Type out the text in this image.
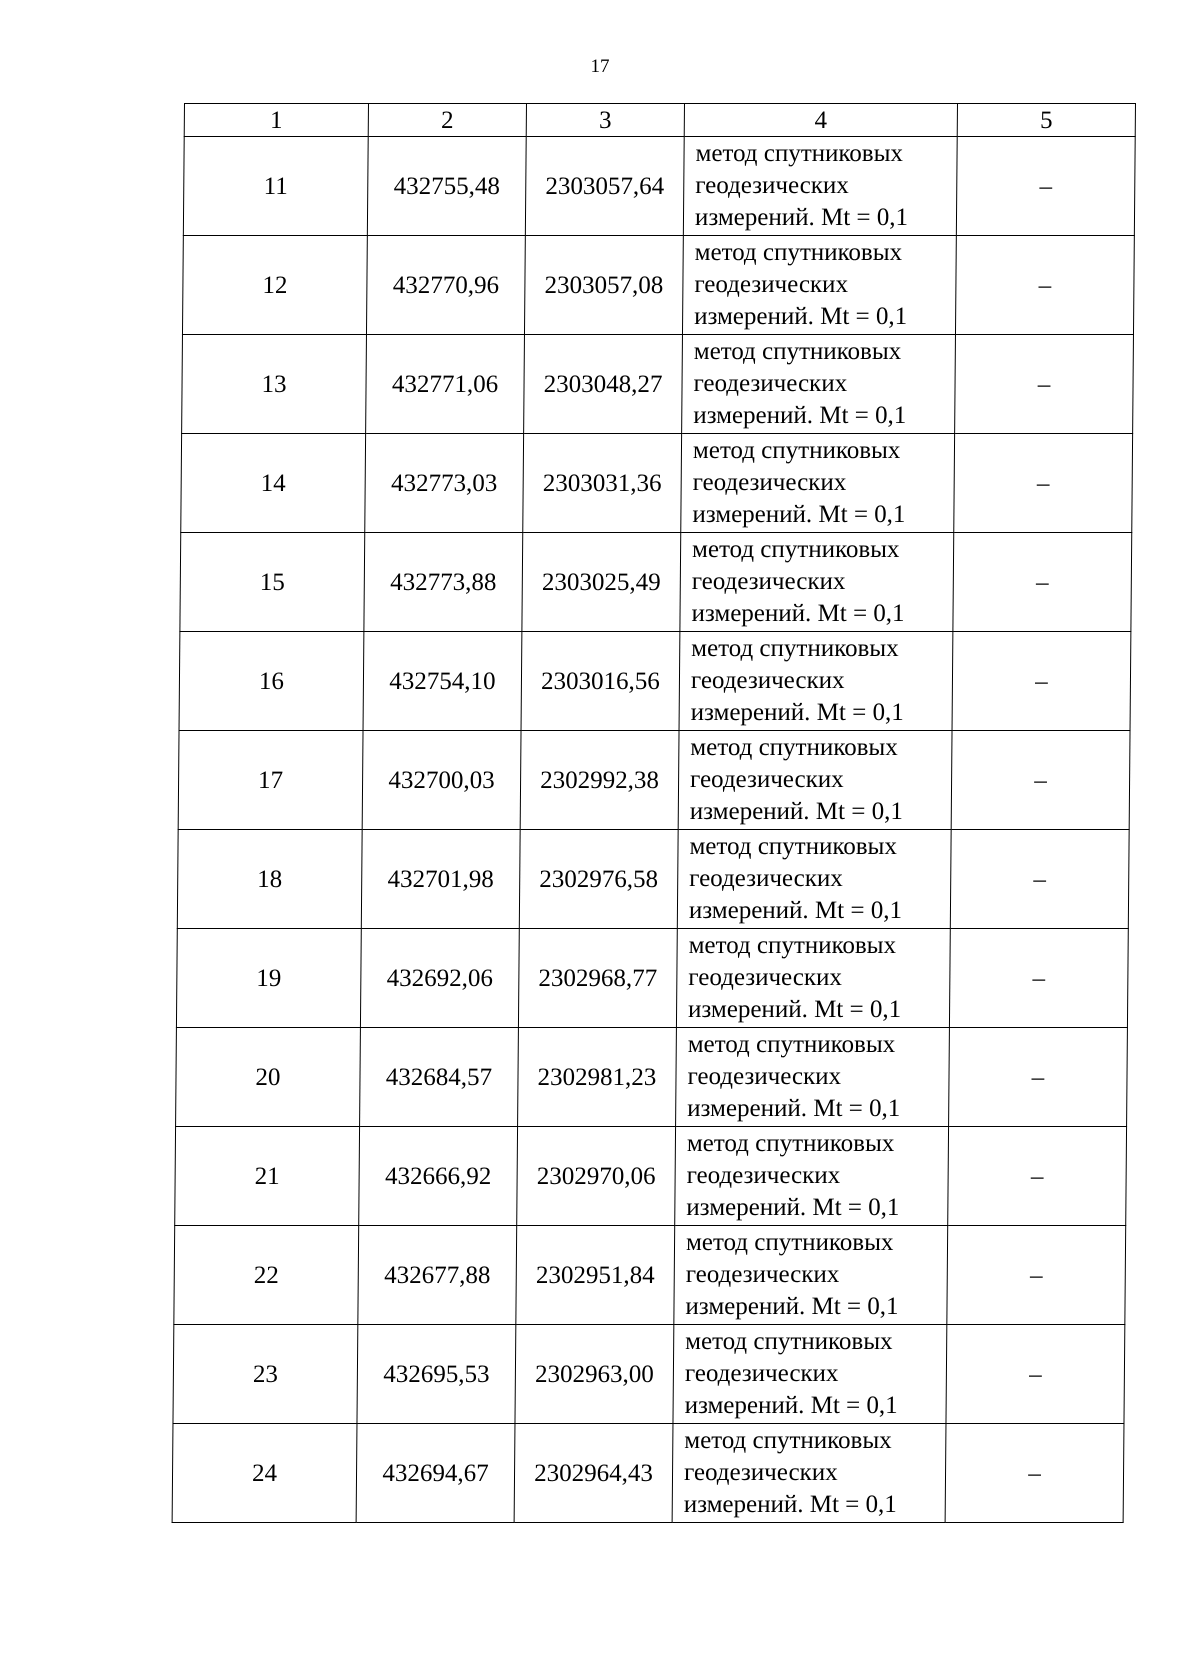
17
1	2	3	4	5
11	432755,48	2303057,64	метод спутниковых геодезических измерений. Mt = 0,1	–
12	432770,96	2303057,08	метод спутниковых геодезических измерений. Mt = 0,1	–
13	432771,06	2303048,27	метод спутниковых геодезических измерений. Mt = 0,1	–
14	432773,03	2303031,36	метод спутниковых геодезических измерений. Mt = 0,1	–
15	432773,88	2303025,49	метод спутниковых геодезических измерений. Mt = 0,1	–
16	432754,10	2303016,56	метод спутниковых геодезических измерений. Mt = 0,1	–
17	432700,03	2302992,38	метод спутниковых геодезических измерений. Mt = 0,1	–
18	432701,98	2302976,58	метод спутниковых геодезических измерений. Mt = 0,1	–
19	432692,06	2302968,77	метод спутниковых геодезических измерений. Mt = 0,1	–
20	432684,57	2302981,23	метод спутниковых геодезических измерений. Mt = 0,1	–
21	432666,92	2302970,06	метод спутниковых геодезических измерений. Mt = 0,1	–
22	432677,88	2302951,84	метод спутниковых геодезических измерений. Mt = 0,1	–
23	432695,53	2302963,00	метод спутниковых геодезических измерений. Mt = 0,1	–
24	432694,67	2302964,43	метод спутниковых геодезических измерений. Mt = 0,1	–
